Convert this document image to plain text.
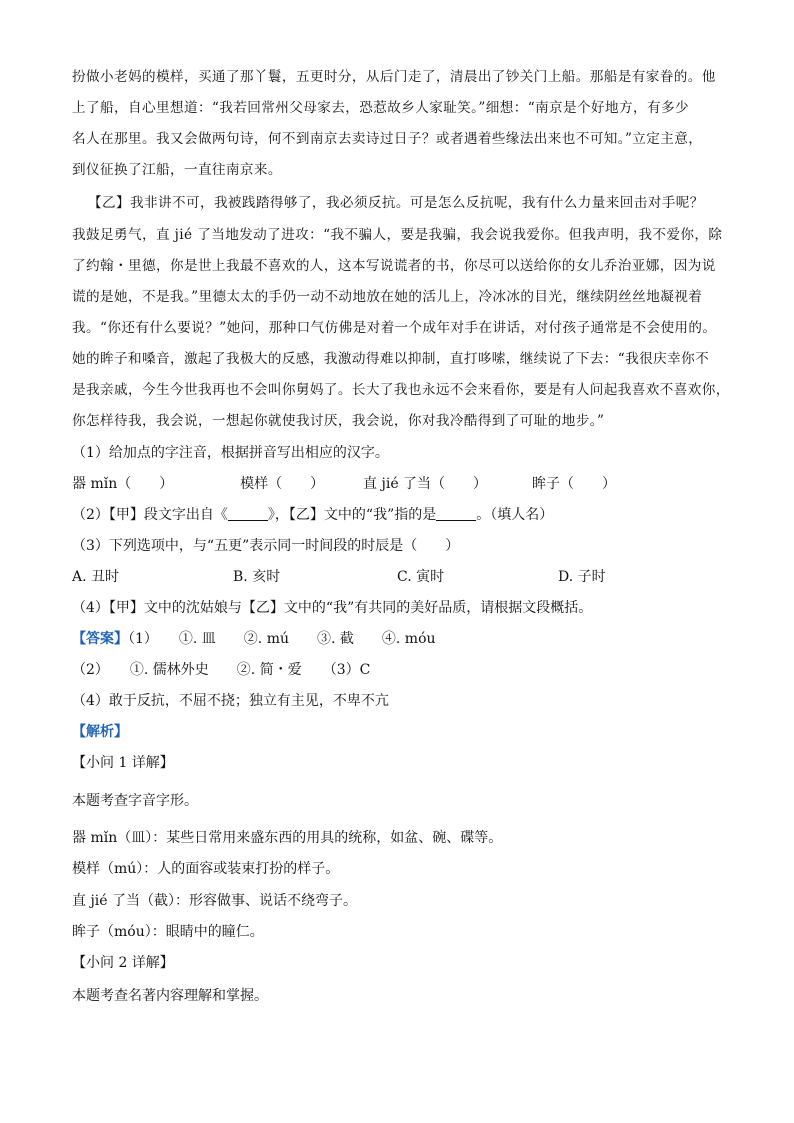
扮做小老妈的模样，买通了那丫鬟，五更时分，从后门走了，清晨出了钞关门上船。那船是有家眷的。他
上了船，自心里想道：“我若回常州父母家去，恐惹故乡人家耻笑。”细想：“南京是个好地方，有多少
名人在那里。我又会做两句诗，何不到南京去卖诗过日子？或者遇着些缘法出来也不可知。”立定主意，
到仪征换了江船，一直往南京来。
【乙】我非讲不可，我被践踏得够了，我必须反抗。可是怎么反抗呢，我有什么力量来回击对手呢？
我鼓足勇气，直 jié 了当地发动了进攻：“我不骗人，要是我骗，我会说我爱你。但我声明，我不爱你，除
了约翰・里德，你是世上我最不喜欢的人，这本写说谎者的书，你尽可以送给你的女儿乔治亚娜，因为说
谎的是她，不是我。”里德太太的手仍一动不动地放在她的活儿上，冷冰冰的目光，继续阴丝丝地凝视着
我。“你还有什么要说？”她问，那种口气仿佛是对着一个成年对手在讲话，对付孩子通常是不会使用的。
她的眸子和嗓音，激起了我极大的反感，我激动得难以抑制，直打哆嗦，继续说了下去：“我很庆幸你不
是我亲戚，今生今世我再也不会叫你舅妈了。长大了我也永远不会来看你，要是有人问起我喜欢不喜欢你，
你怎样待我，我会说，一想起你就使我讨厌，我会说，你对我冷酷得到了可耻的地步。”
（1）给加点的字注音，根据拼音写出相应的汉字。
器 mǐn（　　）	模样（　　）	直 jié 了当（　　）	眸子（　　）
（2）【甲】段文字出自《	》，【乙】文中的“我”指的是	。（填人名）
（3）下列选项中，与“五更”表示同一时间段的时辰是（　　）
A. 丑时	B. 亥时	C. 寅时	D. 子时
（4）【甲】文中的沈姑娘与【乙】文中的“我”有共同的美好品质，请根据文段概括。
【答案】（1）　　①. 皿　　②. mú　　③. 截　　④. móu
（2）　　①. 儒林外史　　②. 简・爱　　（3）C
（4）敢于反抗，不屈不挠；独立有主见，不卑不亢
【解析】
【小问 1 详解】
本题考查字音字形。
器 mǐn（皿）：某些日常用来盛东西的用具的统称，如盆、碗、碟等。
模样（mú）：人的面容或装束打扮的样子。
直 jié 了当（截）：形容做事、说话不绕弯子。
眸子（móu）：眼睛中的瞳仁。
【小问 2 详解】
本题考查名著内容理解和掌握。
